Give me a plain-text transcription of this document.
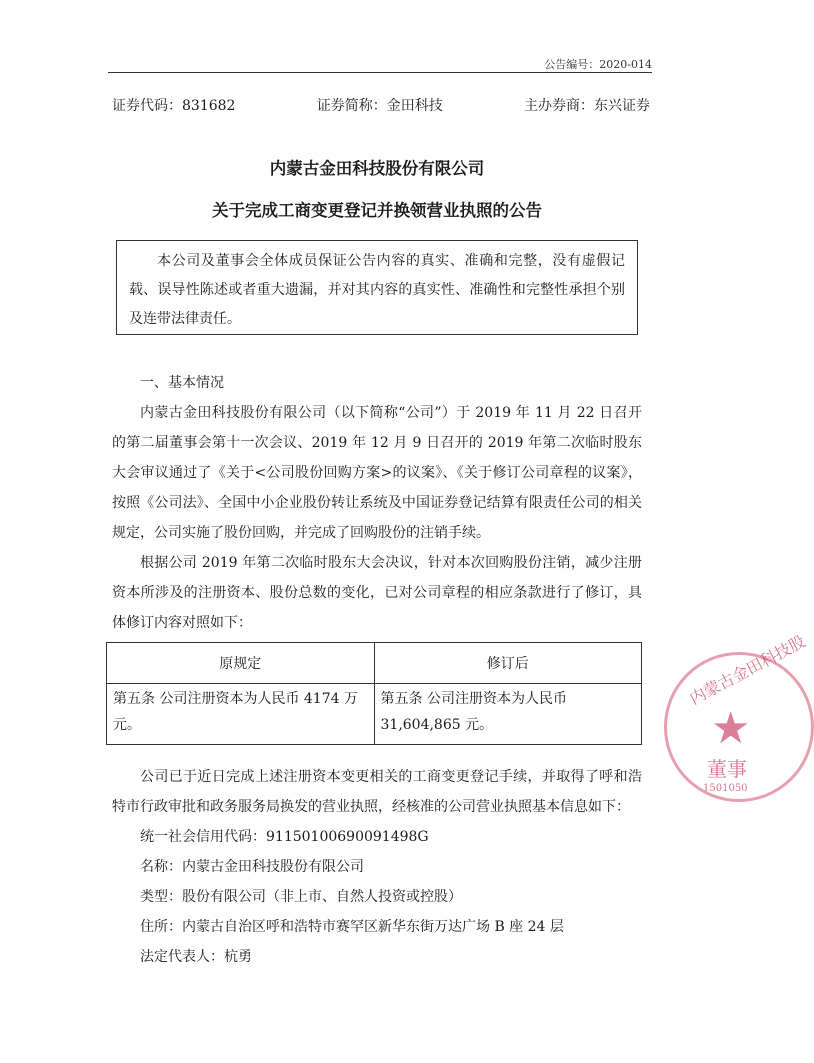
公告编号：2020-014
证券代码：831682	证券简称：金田科技	主办券商：东兴证券
内蒙古金田科技股份有限公司
关于完成工商变更登记并换领营业执照的公告

本公司及董事会全体成员保证公告内容的真实、准确和完整，没有虚假记载、误导性陈述或者重大遗漏，并对其内容的真实性、准确性和完整性承担个别及连带法律责任。

一、基本情况

内蒙古金田科技股份有限公司（以下简称“公司”）于 2019 年 11 月 22 日召开的第二届董事会第十一次会议、2019 年 12 月 9 日召开的 2019 年第二次临时股东大会审议通过了《关于<公司股份回购方案>的议案》、《关于修订公司章程的议案》，按照《公司法》、全国中小企业股份转让系统及中国证券登记结算有限责任公司的相关规定，公司实施了股份回购，并完成了回购股份的注销手续。

根据公司 2019 年第二次临时股东大会决议，针对本次回购股份注销，减少注册资本所涉及的注册资本、股份总数的变化，已对公司章程的相应条款进行了修订，具体修订内容对照如下：

原规定	修订后
第五条 公司注册资本为人民币 4174 万元。	第五条 公司注册资本为人民币 31,604,865 元。

公司已于近日完成上述注册资本变更相关的工商变更登记手续，并取得了呼和浩特市行政审批和政务服务局换发的营业执照，经核准的公司营业执照基本信息如下：

统一社会信用代码：91150100690091498G
名称：内蒙古金田科技股份有限公司
类型：股份有限公司（非上市、自然人投资或控股）
住所：内蒙古自治区呼和浩特市赛罕区新华东街万达广场 B 座 24 层
法定代表人：杭勇
内蒙古金田科技股
★
董事
1501050
